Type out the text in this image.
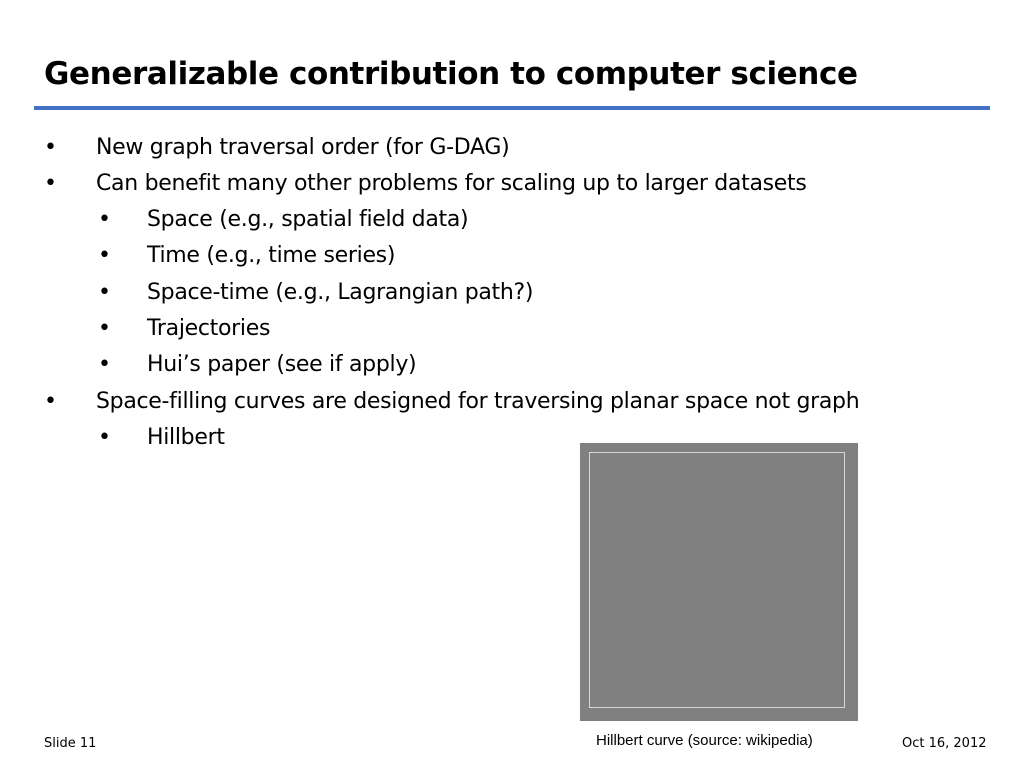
Generalizable contribution to computer science
• New graph traversal order (for G-DAG)
• Can benefit many other problems for scaling up to larger datasets
• Space (e.g., spatial field data)
• Time (e.g., time series)
• Space-time (e.g., Lagrangian path?)
• Trajectories
• Hui’s paper (see if apply)
• Space-filling curves are designed for traversing planar space not graph
• Hillbert
Hillbert curve (source: wikipedia)
Slide 11	Oct 16, 2012
